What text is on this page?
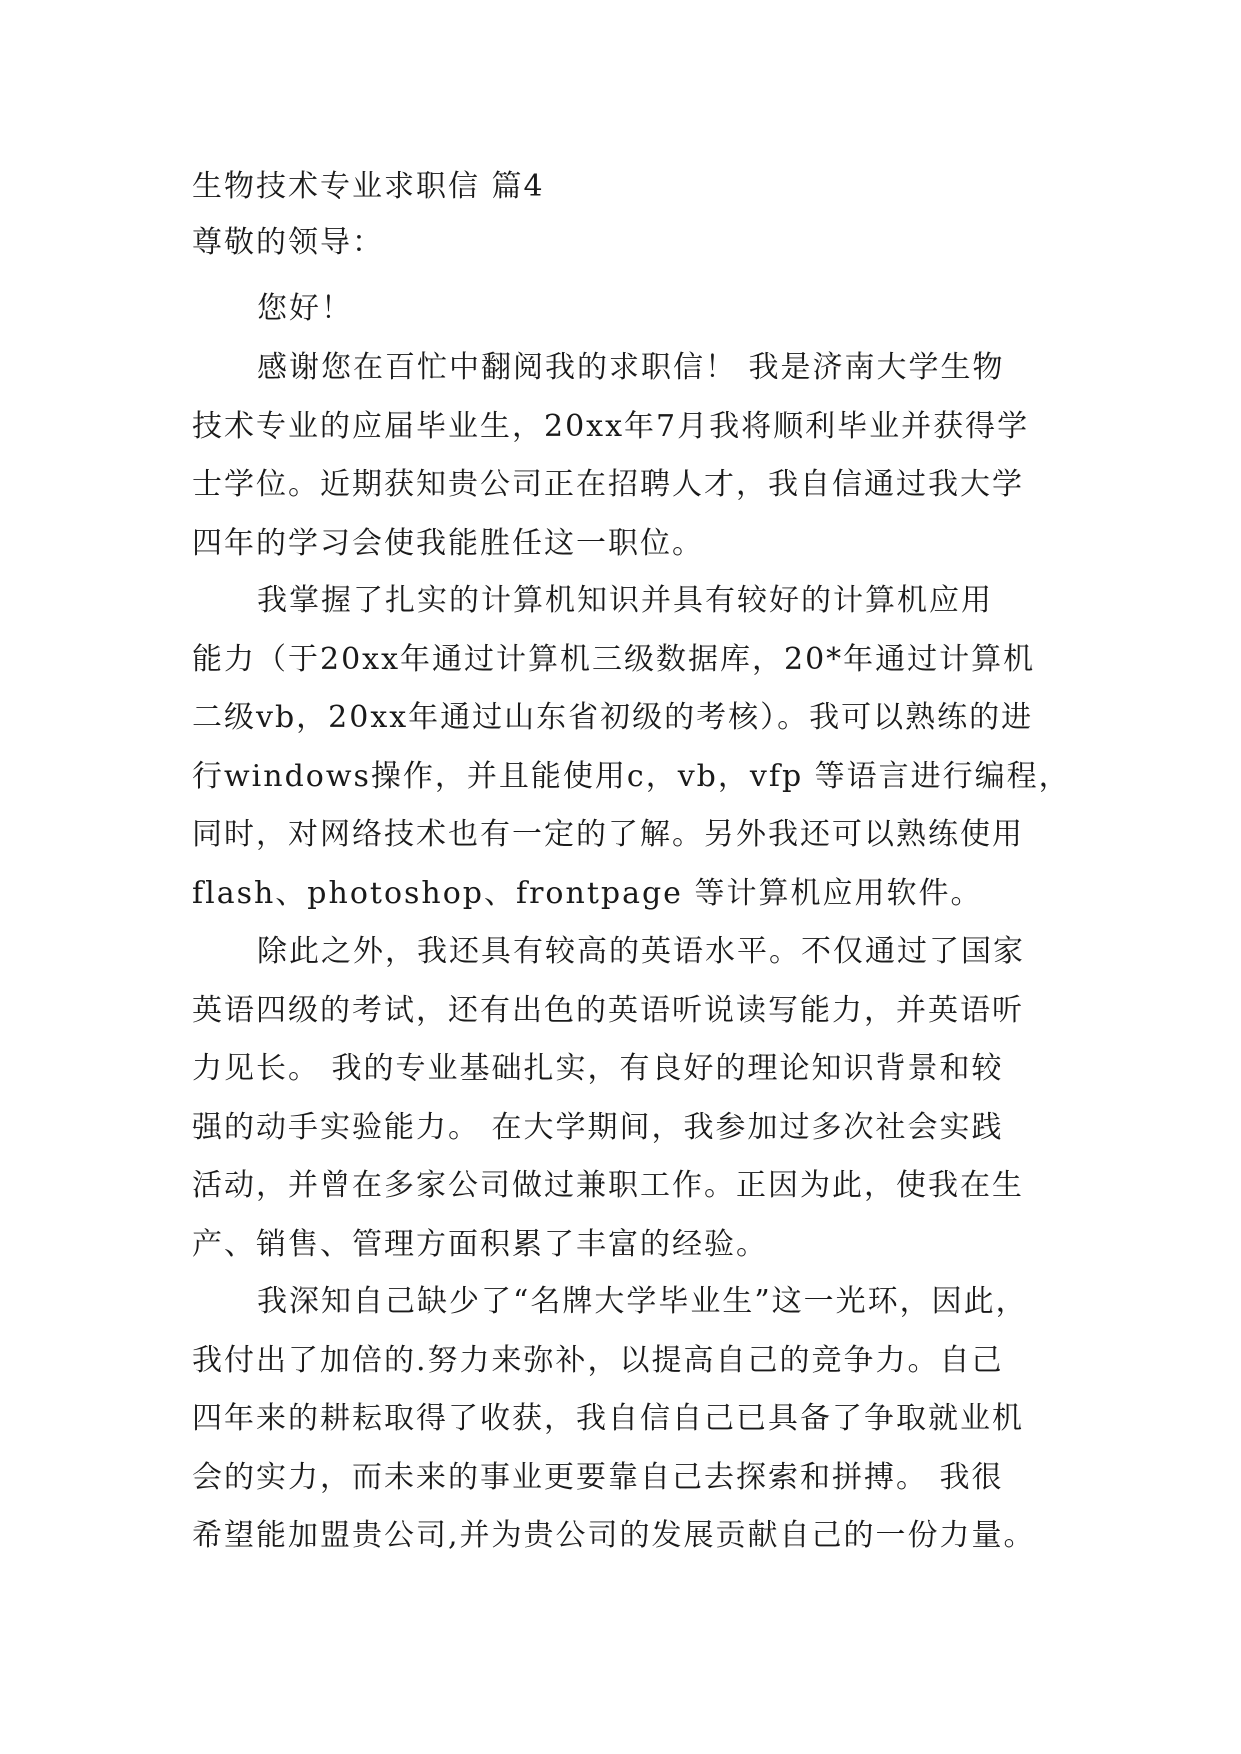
生物技术专业求职信 篇4
尊敬的领导：
您好！
感谢您在百忙中翻阅我的求职信！ 我是济南大学生物
技术专业的应届毕业生，20xx年7月我将顺利毕业并获得学
士学位。近期获知贵公司正在招聘人才，我自信通过我大学
四年的学习会使我能胜任这一职位。
我掌握了扎实的计算机知识并具有较好的计算机应用
能力（于20xx年通过计算机三级数据库，20*年通过计算机
二级vb，20xx年通过山东省初级的考核）。我可以熟练的进
行windows操作，并且能使用c，vb，vfp 等语言进行编程，
同时，对网络技术也有一定的了解。另外我还可以熟练使用
flash、photoshop、frontpage 等计算机应用软件。
除此之外，我还具有较高的英语水平。不仅通过了国家
英语四级的考试，还有出色的英语听说读写能力，并英语听
力见长。 我的专业基础扎实，有良好的理论知识背景和较
强的动手实验能力。 在大学期间，我参加过多次社会实践
活动，并曾在多家公司做过兼职工作。正因为此，使我在生
产、销售、管理方面积累了丰富的经验。
我深知自己缺少了“名牌大学毕业生”这一光环，因此，
我付出了加倍的.努力来弥补，以提高自己的竞争力。自己
四年来的耕耘取得了收获，我自信自己已具备了争取就业机
会的实力，而未来的事业更要靠自己去探索和拼搏。 我很
希望能加盟贵公司,并为贵公司的发展贡献自己的一份力量。
